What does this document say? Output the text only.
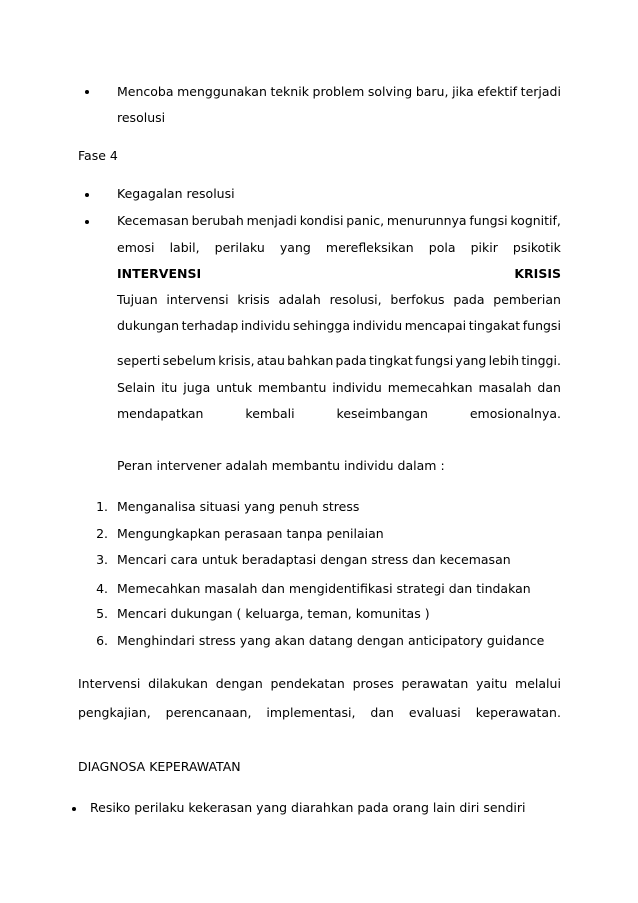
Mencoba menggunakan teknik problem solving baru, jika efektif terjadi
resolusi
Fase 4
Kegagalan resolusi
Kecemasan berubah menjadi kondisi panic, menurunnya fungsi kognitif,
emosi labil, perilaku yang merefleksikan pola pikir psikotik
INTERVENSI	KRISIS
Tujuan intervensi krisis adalah resolusi, berfokus pada pemberian
dukungan terhadap individu sehingga individu mencapai tingakat fungsi
seperti sebelum krisis, atau bahkan pada tingkat fungsi yang lebih tinggi.
Selain itu juga untuk membantu individu memecahkan masalah dan
mendapatkan	kembali	keseimbangan	emosionalnya.
Peran intervener adalah membantu individu dalam :
1. Menganalisa situasi yang penuh stress
2. Mengungkapkan perasaan tanpa penilaian
3. Mencari cara untuk beradaptasi dengan stress dan kecemasan
4. Memecahkan masalah dan mengidentifikasi strategi dan tindakan
5. Mencari dukungan ( keluarga, teman, komunitas )
6. Menghindari stress yang akan datang dengan anticipatory guidance
Intervensi dilakukan dengan pendekatan proses perawatan yaitu melalui
pengkajian, perencanaan, implementasi, dan evaluasi keperawatan.
DIAGNOSA KEPERAWATAN
Resiko perilaku kekerasan yang diarahkan pada orang lain diri sendiri
